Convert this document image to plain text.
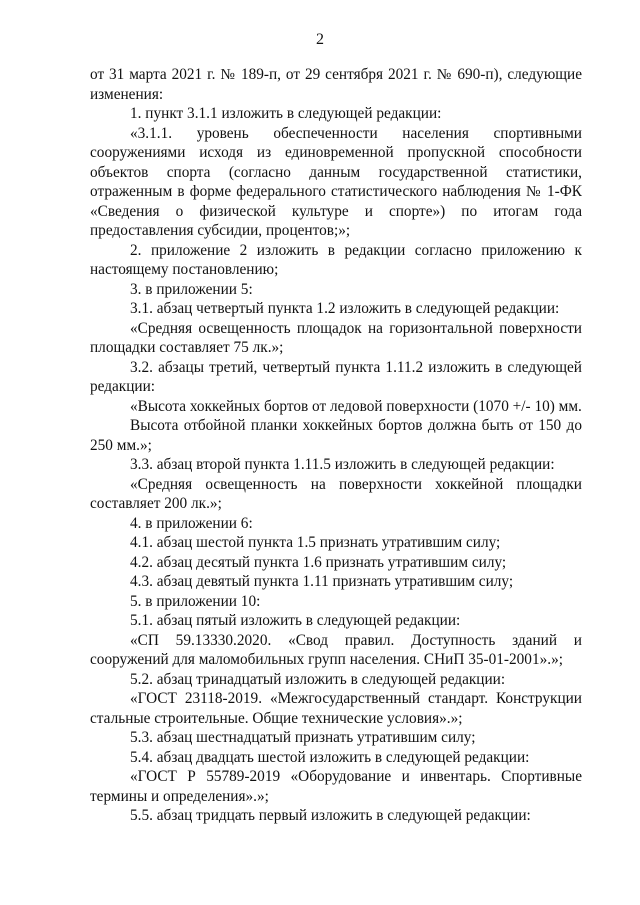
2

от 31 марта 2021 г. № 189-п, от 29 сентября 2021 г. № 690-п), следующие изменения:

1. пункт 3.1.1 изложить в следующей редакции:

«3.1.1. уровень обеспеченности населения спортивными сооружениями исходя из единовременной пропускной способности объектов спорта (согласно данным государственной статистики, отраженным в форме федерального статистического наблюдения № 1-ФК «Сведения о физической культуре и спорте») по итогам года предоставления субсидии, процентов;»;

2. приложение 2 изложить в редакции согласно приложению к настоящему постановлению;

3. в приложении 5:

3.1. абзац четвертый пункта 1.2 изложить в следующей редакции:

«Средняя освещенность площадок на горизонтальной поверхности площадки составляет 75 лк.»;

3.2. абзацы третий, четвертый пункта 1.11.2 изложить в следующей редакции:

«Высота хоккейных бортов от ледовой поверхности (1070 +/- 10) мм.

Высота отбойной планки хоккейных бортов должна быть от 150 до 250 мм.»;

3.3. абзац второй пункта 1.11.5 изложить в следующей редакции:

«Средняя освещенность на поверхности хоккейной площадки составляет 200 лк.»;

4. в приложении 6:

4.1. абзац шестой пункта 1.5 признать утратившим силу;

4.2. абзац десятый пункта 1.6 признать утратившим силу;

4.3. абзац девятый пункта 1.11 признать утратившим силу;

5. в приложении 10:

5.1. абзац пятый изложить в следующей редакции:

«СП 59.13330.2020. «Свод правил. Доступность зданий и сооружений для маломобильных групп населения. СНиП 35-01-2001».»;

5.2. абзац тринадцатый изложить в следующей редакции:

«ГОСТ 23118-2019. «Межгосударственный стандарт. Конструкции стальные строительные. Общие технические условия».»;

5.3. абзац шестнадцатый признать утратившим силу;

5.4. абзац двадцать шестой изложить в следующей редакции:

«ГОСТ Р 55789-2019 «Оборудование и инвентарь. Спортивные термины и определения».»;

5.5. абзац тридцать первый изложить в следующей редакции:
